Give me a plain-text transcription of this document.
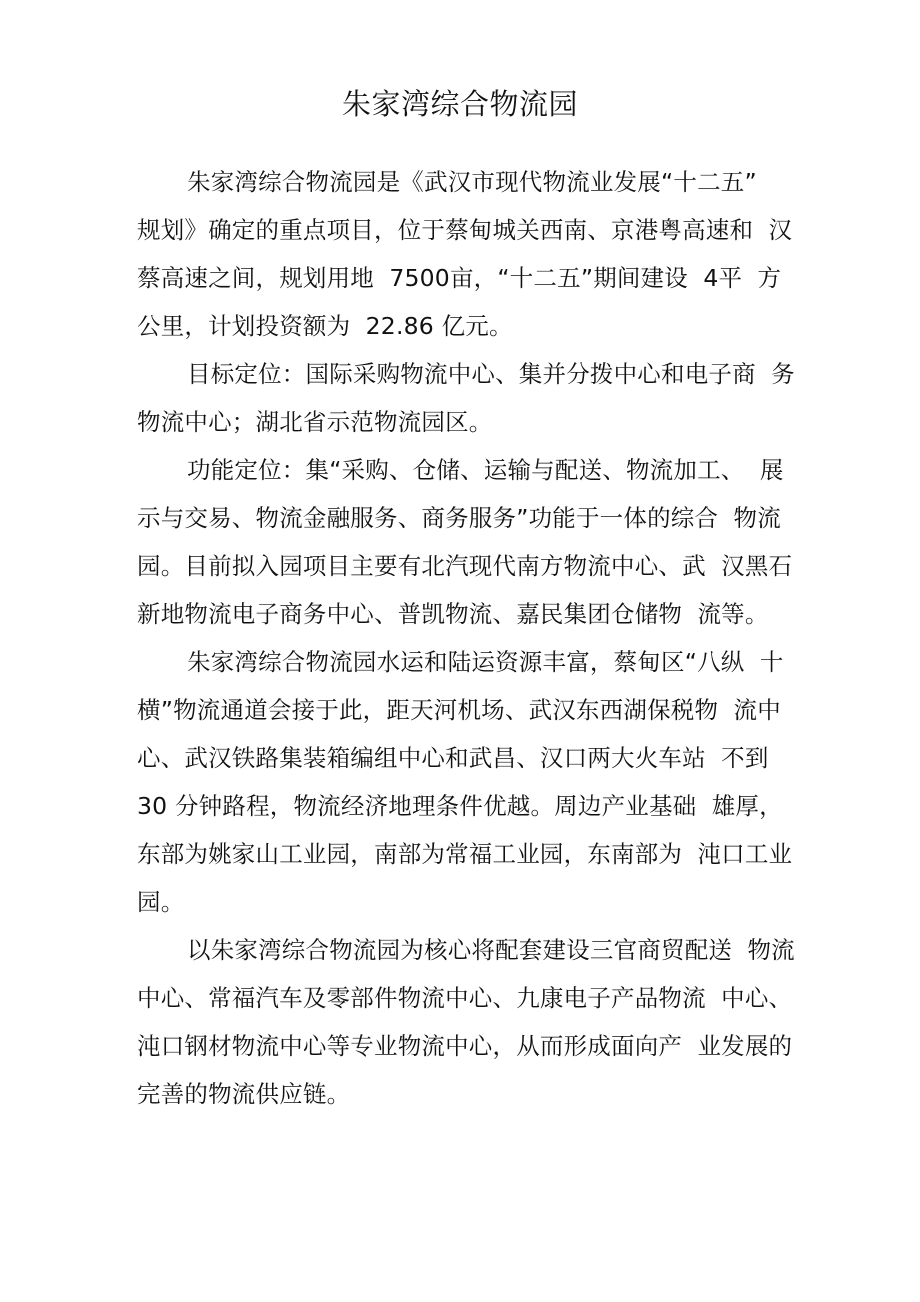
朱家湾综合物流园
朱家湾综合物流园是《武汉市现代物流业发展“十二五”
规划》确定的重点项目，位于蔡甸城关西南、京港粤高速和  汉
蔡高速之间，规划用地  7500亩，“十二五”期间建设  4平  方
公里，计划投资额为  22.86 亿元。
目标定位：国际采购物流中心、集并分拨中心和电子商  务
物流中心；湖北省示范物流园区。
功能定位：集“采购、仓储、运输与配送、物流加工、  展
示与交易、物流金融服务、商务服务”功能于一体的综合  物流
园。目前拟入园项目主要有北汽现代南方物流中心、武  汉黑石
新地物流电子商务中心、普凯物流、嘉民集团仓储物  流等。
朱家湾综合物流园水运和陆运资源丰富，蔡甸区“八纵  十
横”物流通道会接于此，距天河机场、武汉东西湖保税物  流中
心、武汉铁路集装箱编组中心和武昌、汉口两大火车站  不到
30 分钟路程，物流经济地理条件优越。周边产业基础  雄厚，
东部为姚家山工业园，南部为常福工业园，东南部为  沌口工业
园。
以朱家湾综合物流园为核心将配套建设三官商贸配送  物流
中心、常福汽车及零部件物流中心、九康电子产品物流  中心、
沌口钢材物流中心等专业物流中心，从而形成面向产  业发展的
完善的物流供应链。
